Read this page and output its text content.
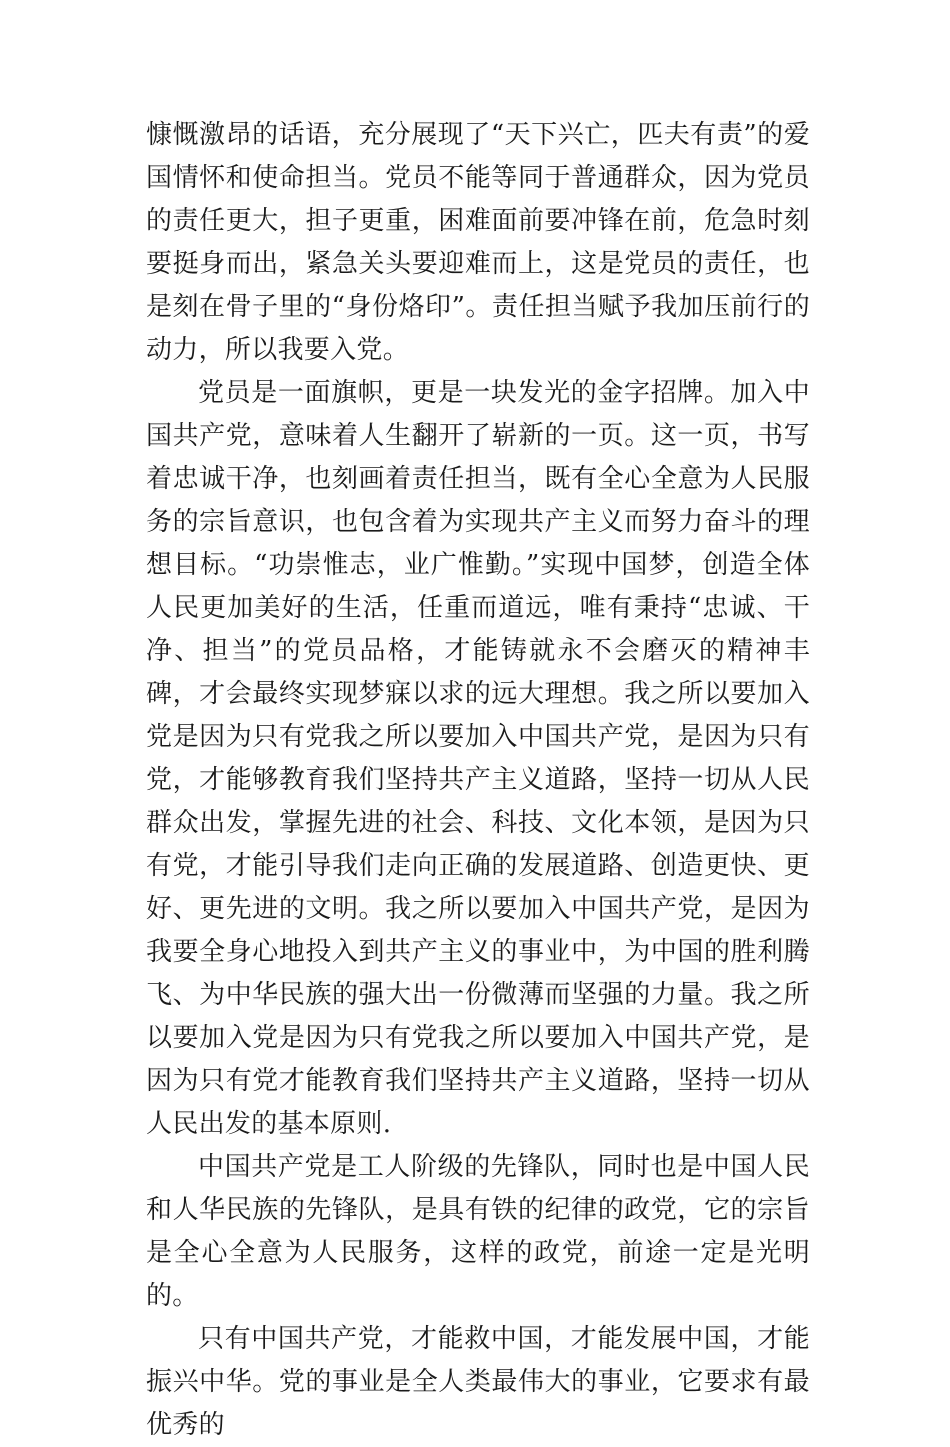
慷慨激昂的话语，充分展现了“天下兴亡，匹夫有责”的爱国情怀和使命担当。党员不能等同于普通群众，因为党员的责任更大，担子更重，困难面前要冲锋在前，危急时刻要挺身而出，紧急关头要迎难而上，这是党员的责任，也是刻在骨子里的“身份烙印”。责任担当赋予我加压前行的动力，所以我要入党。

党员是一面旗帜，更是一块发光的金字招牌。加入中国共产党，意味着人生翻开了崭新的一页。这一页，书写着忠诚干净，也刻画着责任担当，既有全心全意为人民服务的宗旨意识，也包含着为实现共产主义而努力奋斗的理想目标。“功崇惟志，业广惟勤。”实现中国梦，创造全体人民更加美好的生活，任重而道远，唯有秉持“忠诚、干净、担当”的党员品格，才能铸就永不会磨灭的精神丰碑，才会最终实现梦寐以求的远大理想。我之所以要加入党是因为只有党我之所以要加入中国共产党，是因为只有党，才能够教育我们坚持共产主义道路，坚持一切从人民群众出发，掌握先进的社会、科技、文化本领，是因为只有党，才能引导我们走向正确的发展道路、创造更快、更好、更先进的文明。我之所以要加入中国共产党，是因为我要全身心地投入到共产主义的事业中，为中国的胜利腾飞、为中华民族的强大出一份微薄而坚强的力量。我之所以要加入党是因为只有党我之所以要加入中国共产党，是因为只有党才能教育我们坚持共产主义道路，坚持一切从人民出发的基本原则.

中国共产党是工人阶级的先锋队，同时也是中国人民和人华民族的先锋队，是具有铁的纪律的政党，它的宗旨是全心全意为人民服务，这样的政党，前途一定是光明的。

只有中国共产党，才能救中国，才能发展中国，才能振兴中华。党的事业是全人类最伟大的事业，它要求有最优秀的
